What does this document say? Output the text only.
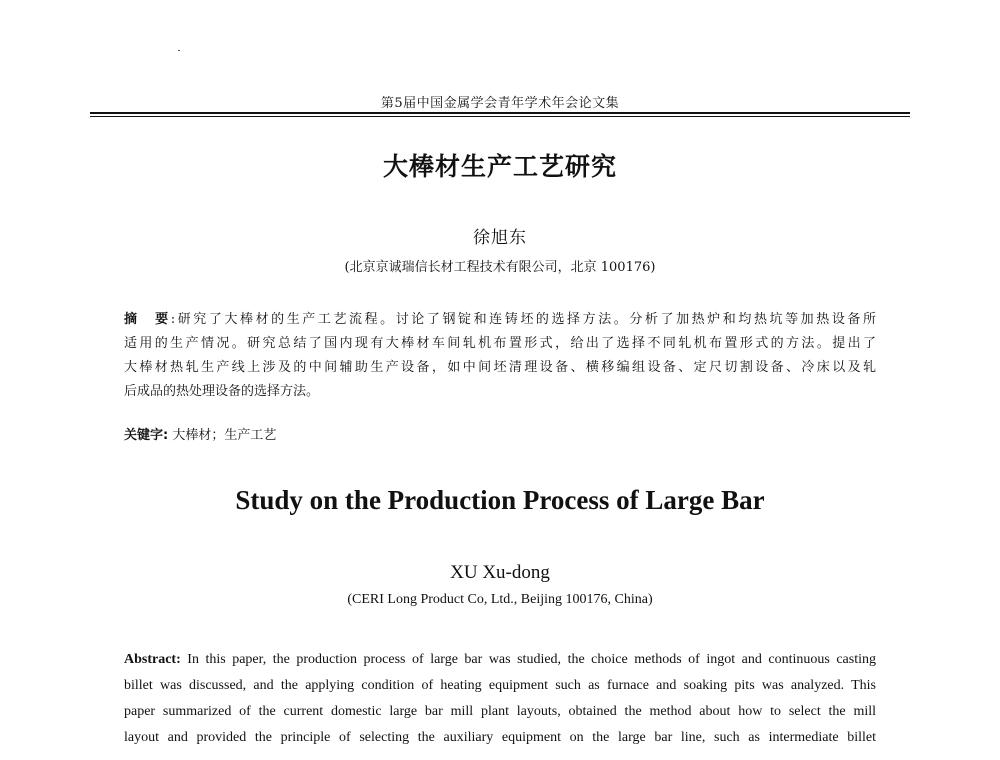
第5届中国金属学会青年学术年会论文集
大棒材生产工艺研究
徐旭东
(北京京诚瑞信长材工程技术有限公司，北京 100176)
摘　要:研究了大棒材的生产工艺流程。讨论了钢锭和连铸坯的选择方法。分析了加热炉和均热坑等加热设备所
适用的生产情况。研究总结了国内现有大棒材车间轧机布置形式，给出了选择不同轧机布置形式的方法。提出了
大棒材热轧生产线上涉及的中间辅助生产设备，如中间坯清理设备、横移编组设备、定尺切割设备、冷床以及轧
后成品的热处理设备的选择方法。
关键字: 大棒材；生产工艺
Study on the Production Process of Large Bar
XU Xu-dong
(CERI Long Product Co, Ltd., Beijing 100176, China)
Abstract: In this paper, the production process of large bar was studied, the choice methods of ingot and continuous casting
billet was discussed, and the applying condition of heating equipment such as furnace and soaking pits was analyzed. This
paper summarized of the current domestic large bar mill plant layouts, obtained the method about how to select the mill
layout and provided the principle of selecting the auxiliary equipment on the large bar line, such as intermediate billet
